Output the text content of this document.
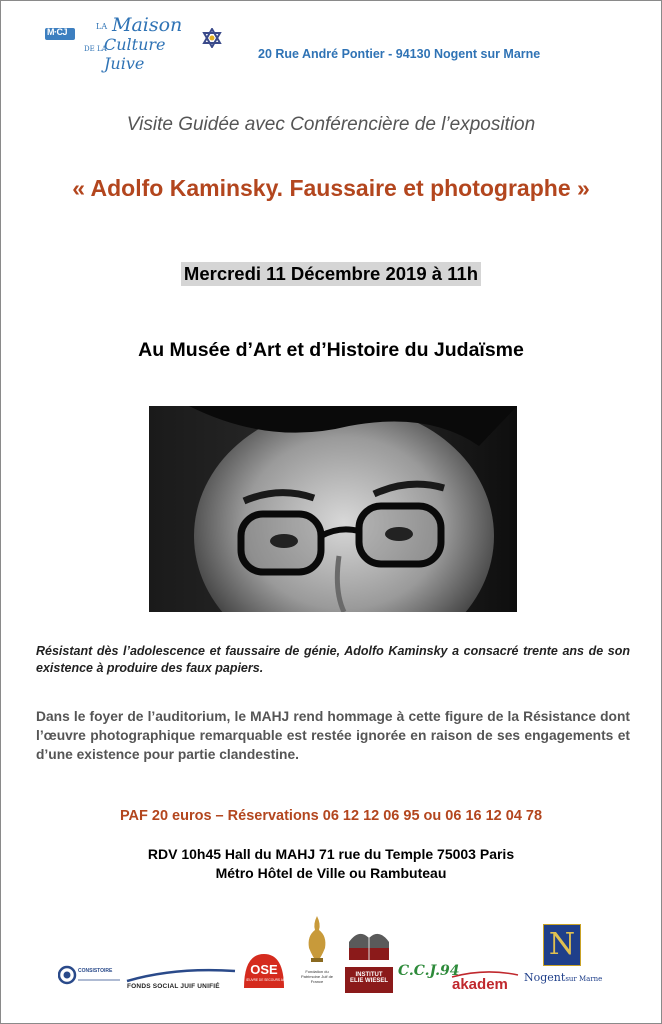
M·CJ
LA Maison
DE LA
Culture Juive	20 Rue André Pontier - 94130 Nogent sur Marne
Visite Guidée avec Conférencière de l’exposition
« Adolfo Kaminsky. Faussaire et photographe »
Mercredi 11 Décembre 2019 à 11h
Au Musée d’Art et d’Histoire du Judaïsme
Résistant dès l’adolescence et faussaire de génie, Adolfo Kaminsky a consacré trente ans de son existence à produire des faux papiers.
Dans le foyer de l’auditorium, le MAHJ rend hommage à cette figure de la Résistance dont l’œuvre photographique remarquable est restée ignorée en raison de ses engagements et d’une existence pour partie clandestine.
PAF 20 euros – Réservations 06 12 12 06 95 ou 06 16 12 04 78
RDV 10h45 Hall du MAHJ 71 rue du Temple 75003 Paris
Métro Hôtel de Ville ou Rambuteau
CONSISTOIRE
FONDS SOCIAL JUIF UNIFIÉ
OSE
ŒUVRE DE SECOURS AUX ENFANTS
Fondation du Patrimoine Juif de France
INSTITUT
ELIE WIESEL
C.C.J.94
akadem
N
Nogentsur Marne
